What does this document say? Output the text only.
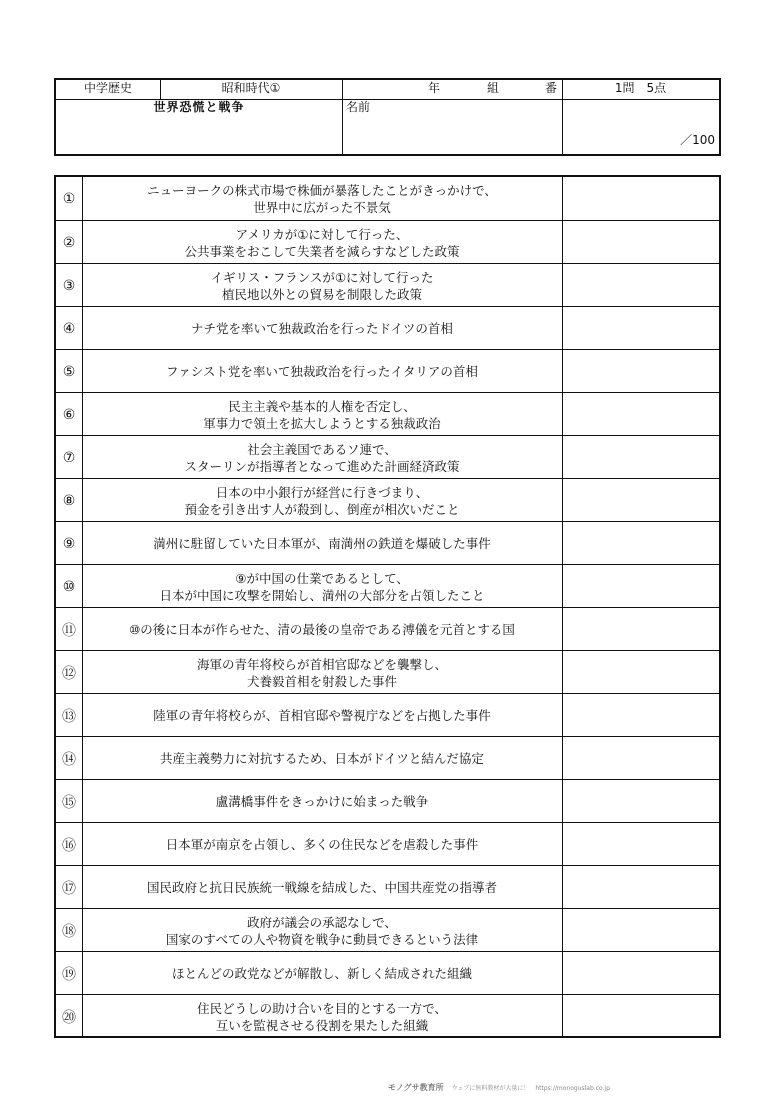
中学歴史	昭和時代①
世界恐慌と戦争
年	組	番
名前
1問　5点
／100
①
ニューヨークの株式市場で株価が暴落したことがきっかけで、
世界中に広がった不景気
②
アメリカが①に対して行った、
公共事業をおこして失業者を減らすなどした政策
③
イギリス・フランスが①に対して行った
植民地以外との貿易を制限した政策
④	ナチ党を率いて独裁政治を行ったドイツの首相
⑤	ファシスト党を率いて独裁政治を行ったイタリアの首相
⑥
民主主義や基本的人権を否定し、
軍事力で領土を拡大しようとする独裁政治
⑦
社会主義国であるソ連で、
スターリンが指導者となって進めた計画経済政策
⑧
日本の中小銀行が経営に行きづまり、
預金を引き出す人が殺到し、倒産が相次いだこと
⑨	満州に駐留していた日本軍が、南満州の鉄道を爆破した事件
⑩
⑨が中国の仕業であるとして、
日本が中国に攻撃を開始し、満州の大部分を占領したこと
⑪	⑩の後に日本が作らせた、清の最後の皇帝である溥儀を元首とする国
⑫
海軍の青年将校らが首相官邸などを襲撃し、
犬養毅首相を射殺した事件
⑬	陸軍の青年将校らが、首相官邸や警視庁などを占拠した事件
⑭	共産主義勢力に対抗するため、日本がドイツと結んだ協定
⑮	盧溝橋事件をきっかけに始まった戦争
⑯	日本軍が南京を占領し、多くの住民などを虐殺した事件
⑰	国民政府と抗日民族統一戦線を結成した、中国共産党の指導者
⑱
政府が議会の承認なしで、
国家のすべての人や物資を戦争に動員できるという法律
⑲	ほとんどの政党などが解散し、新しく結成された組織
⑳
住民どうしの助け合いを目的とする一方で、
互いを監視させる役割を果たした組織
モノグサ教育所 ウェブに無料教材が大量に！　https://monoguslab.co.jp
